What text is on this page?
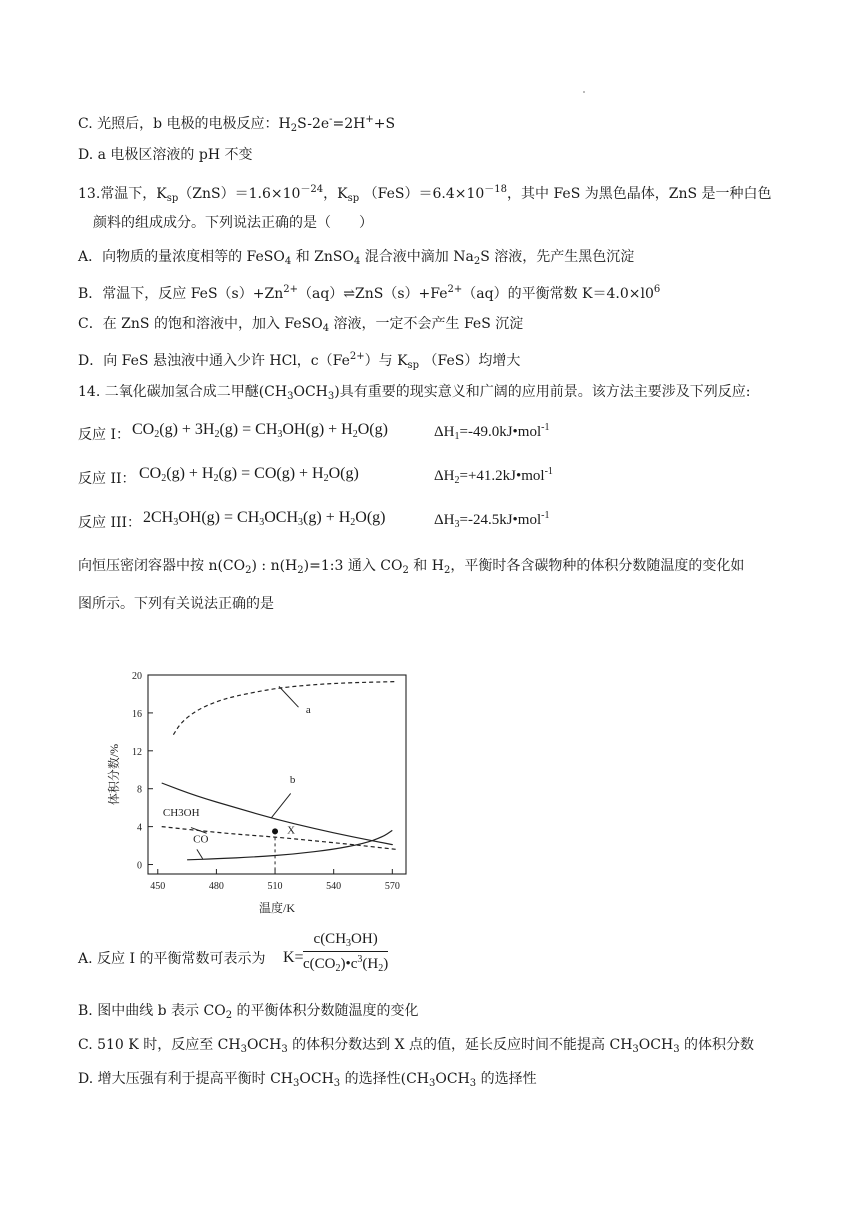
C. 光照后，b 电极的电极反应：$H_2S-2e^-=2H^++S$
D. a 电极区溶液的 pH 不变
13.常温下，$K_{sp}(ZnS)=1.6\times 10^{-24}$，$K_{sp}$ $(FeS)=6.4\times 10^{-18}$，其中 FeS 为黑色晶体，ZnS 是一种白色
颜料的组成成分。下列说法正确的是（　　）
A．向物质的量浓度相等的 FeSO$_4$ 和 ZnSO$_4$ 混合液中滴加 $Na_2S$ 溶液，先产生黑色沉淀
B．常温下，反应 $FeS(s)+Zn^{2+}(aq)\rightleftharpoons ZnS(s)+Fe^{2+}(aq)$的平衡常数 $K=4.0\times l0^6$
C．在 ZnS 的饱和溶液中，加入 FeSO$_4$ 溶液，一定不会产生 FeS 沉淀
D．向 FeS 悬浊液中通入少许 HCl，$c(Fe^{2+})$与 $K_{sp}$ （FeS）均增大
14. 二氧化碳加氢合成二甲醚$(CH_3OCH_3)$具有重要的现实意义和广阔的应用前景。该方法主要涉及下列反应:
反应 I： $CO_2(g) + 3H_2(g) = CH_3OH(g) + H_2O(g)$	$\Delta H_1=-49.0kJ•mol^{-1}$
反应 II： $CO_2(g) + H_2(g) = CO(g) + H_2O(g)$	$\Delta H_2=+41.2kJ•mol^{-1}$
反应 III： $2CH_3OH(g) = CH_3OCH_3(g) + H_2O(g)$	$\Delta H_3=-24.5kJ•mol^{-1}$
向恒压密闭容器中按 $n(CO_2)$ : $n(H_2)=1:3$ 通入 $CO_2$ 和 $H_2$，平衡时各含碳物种的体积分数随温度的变化如
图所示。下列有关说法正确的是
0
4
8
12
16
20
450	480	510	540	570
温度/K
体积分数/%
a
b
CH3OH
CO
X
A. 反应 I 的平衡常数可表示为 $K= \frac{c(CH_3OH)}{c(CO_2)•c^3(H_2)}$
B. 图中曲线 b 表示 $CO_2$ 的平衡体积分数随温度的变化
C. 510 K 时，反应至 $CH_3OCH_3$ 的体积分数达到 X 点的值，延长反应时间不能提高 $CH_3OCH_3$ 的体积分数
D. 增大压强有利于提高平衡时 $CH_3OCH_3$ 的选择性($CH_3OCH_3$ 的选择性
